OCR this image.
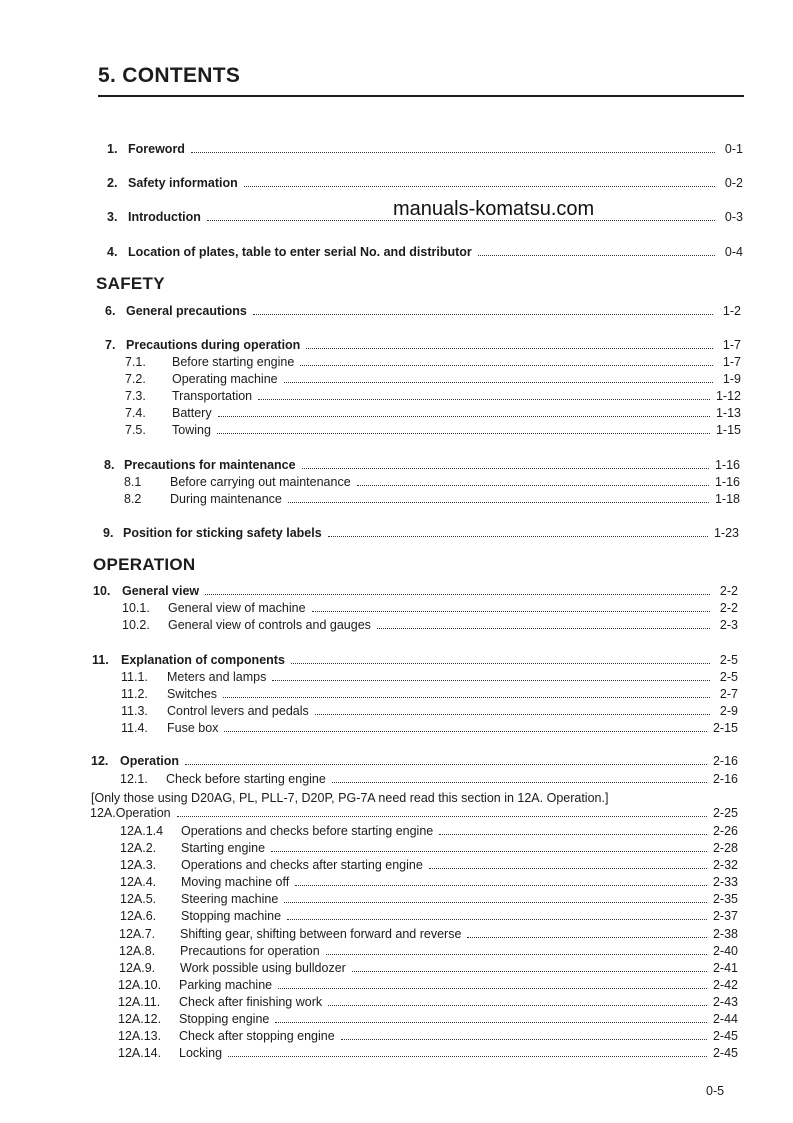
5. CONTENTS
manuals-komatsu.com
1. Foreword	0-1
2. Safety information	0-2
3. Introduction	0-3
4. Location of plates, table to enter serial No. and distributor	0-4
SAFETY
6. General precautions	1-2
7. Precautions during operation	1-7
7.1.	Before starting engine	1-7
7.2.	Operating machine	1-9
7.3.	Transportation	1-12
7.4.	Battery	1-13
7.5.	Towing	1-15
8. Precautions for maintenance	1-16
8.1	Before carrying out maintenance	1-16
8.2	During maintenance	1-18
9. Position for sticking safety labels	1-23
OPERATION
10. General view	2-2
10.1.	General view of machine	2-2
10.2.	General view of controls and gauges	2-3
11. Explanation of components	2-5
11.1.	Meters and lamps	2-5
11.2.	Switches	2-7
11.3.	Control levers and pedals	2-9
11.4.	Fuse box	2-15
12. Operation	2-16
12.1.	Check before starting engine	2-16
[Only those using D20AG, PL, PLL-7, D20P, PG-7A need read this section in 12A. Operation.]
12A. Operation	2-25
12A.1.4	Operations and checks before starting engine	2-26
12A.2.	Starting engine	2-28
12A.3.	Operations and checks after starting engine	2-32
12A.4.	Moving machine off	2-33
12A.5.	Steering machine	2-35
12A.6.	Stopping machine	2-37
12A.7.	Shifting gear, shifting between forward and reverse	2-38
12A.8.	Precautions for operation	2-40
12A.9.	Work possible using bulldozer	2-41
12A.10.	Parking machine	2-42
12A.11.	Check after finishing work	2-43
12A.12.	Stopping engine	2-44
12A.13.	Check after stopping engine	2-45
12A.14.	Locking	2-45
0-5
